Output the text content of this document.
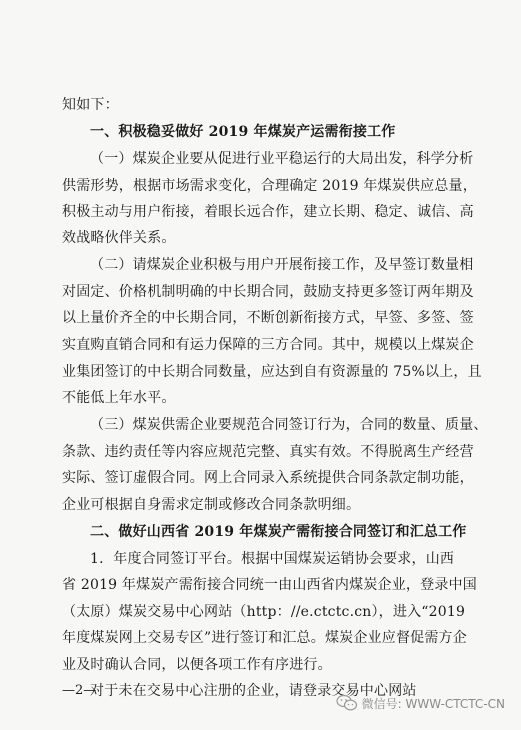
知如下：
一、积极稳妥做好 2019 年煤炭产运需衔接工作
（一）煤炭企业要从促进行业平稳运行的大局出发，科学分析
供需形势，根据市场需求变化，合理确定 2019 年煤炭供应总量，
积极主动与用户衔接，着眼长远合作，建立长期、稳定、诚信、高
效战略伙伴关系。
（二）请煤炭企业积极与用户开展衔接工作，及早签订数量相
对固定、价格机制明确的中长期合同，鼓励支持更多签订两年期及
以上量价齐全的中长期合同，不断创新衔接方式，早签、多签、签
实直购直销合同和有运力保障的三方合同。其中，规模以上煤炭企
业集团签订的中长期合同数量，应达到自有资源量的 75%以上，且
不能低上年水平。
（三）煤炭供需企业要规范合同签订行为，合同的数量、质量、
条款、违约责任等内容应规范完整、真实有效。不得脱离生产经营
实际、签订虚假合同。网上合同录入系统提供合同条款定制功能，
企业可根据自身需求定制或修改合同条款明细。
二、做好山西省 2019 年煤炭产需衔接合同签订和汇总工作
1．年度合同签订平台。根据中国煤炭运销协会要求，山西
省 2019 年煤炭产需衔接合同统一由山西省内煤炭企业，登录中国
（太原）煤炭交易中心网站（http：//e.ctctc.cn），进入“2019
年度煤炭网上交易专区”进行签订和汇总。煤炭企业应督促需方企
业及时确认合同，以便各项工作有序进行。
对于未在交易中心注册的企业，请登录交易中心网站
—2—
微信号: WWW-CTCTC-CN
